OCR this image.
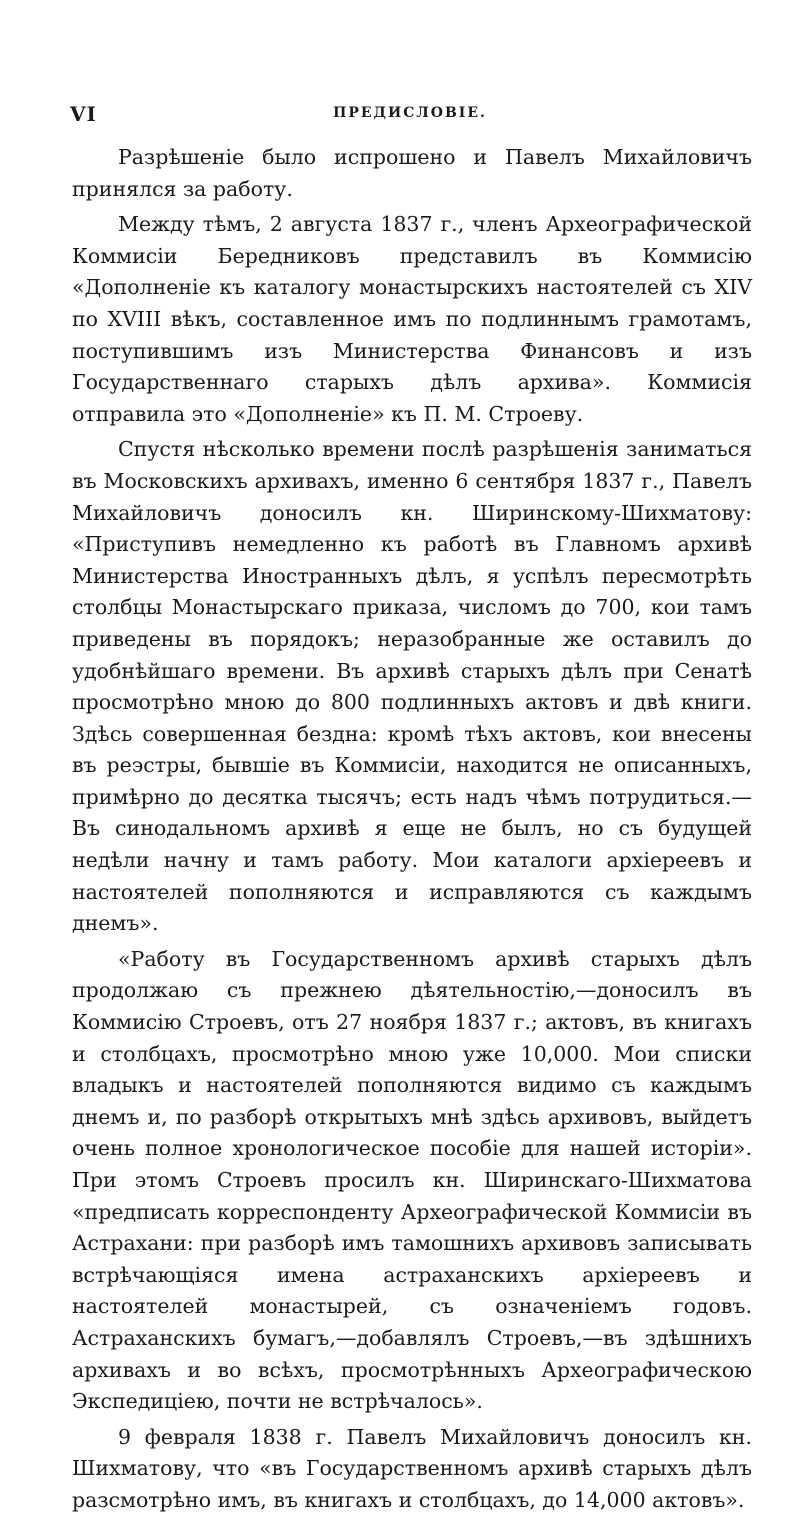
VI	ПРЕДИСЛОВІЕ.

Разрѣшеніе было испрошено и Павелъ Михайловичъ принялся за работу.

Между тѣмъ, 2 августа 1837 г., членъ Археографической Коммисіи Бередниковъ представилъ въ Коммисію «Дополненіе къ каталогу монастырскихъ настоятелей съ XIV по XVIII вѣкъ, составленное имъ по подлиннымъ грамотамъ, поступившимъ изъ Министерства Финансовъ и изъ Государственнаго старыхъ дѣлъ архива». Коммисія отправила это «Дополненіе» къ П. М. Строеву.

Спустя нѣсколько времени послѣ разрѣшенія заниматься въ Московскихъ архивахъ, именно 6 сентября 1837 г., Павелъ Михайловичъ доносилъ кн. Ширинскому-Шихматову: «Приступивъ немедленно къ работѣ въ Главномъ архивѣ Министерства Иностранныхъ дѣлъ, я успѣлъ пересмотрѣть столбцы Монастырскаго приказа, числомъ до 700, кои тамъ приведены въ порядокъ; неразобранные же оставилъ до удобнѣйшаго времени. Въ архивѣ старыхъ дѣлъ при Сенатѣ просмотрѣно мною до 800 подлинныхъ актовъ и двѣ книги. Здѣсь совершенная бездна: кромѣ тѣхъ актовъ, кои внесены въ реэстры, бывшіе въ Коммисіи, находится не описанныхъ, примѣрно до десятка тысячъ; есть надъ чѣмъ потрудиться.—Въ синодальномъ архивѣ я еще не былъ, но съ будущей недѣли начну и тамъ работу. Мои каталоги архіереевъ и настоятелей пополняются и исправляются съ каждымъ днемъ».

«Работу въ Государственномъ архивѣ старыхъ дѣлъ продолжаю съ прежнею дѣятельностію,—доносилъ въ Коммисію Строевъ, отъ 27 ноября 1837 г.; актовъ, въ книгахъ и столбцахъ, просмотрѣно мною уже 10,000. Мои списки владыкъ и настоятелей пополняются видимо съ каждымъ днемъ и, по разборѣ открытыхъ мнѣ здѣсь архивовъ, выйдетъ очень полное хронологическое пособіе для нашей исторіи». При этомъ Строевъ просилъ кн. Ширинскаго-Шихматова «предписать корреспонденту Археографической Коммисіи въ Астрахани: при разборѣ имъ тамошнихъ архивовъ записывать встрѣчающіяся имена астраханскихъ архіереевъ и настоятелей монастырей, съ означеніемъ годовъ. Астраханскихъ бумагъ,—добавлялъ Строевъ,—въ здѣшнихъ архивахъ и во всѣхъ, просмотрѣнныхъ Археографическою Экспедиціею, почти не встрѣчалось».

9 февраля 1838 г. Павелъ Михайловичъ доносилъ кн. Шихматову, что «въ Государственномъ архивѣ старыхъ дѣлъ разсмотрѣно имъ, въ книгахъ и столбцахъ, до 14,000 актовъ».
